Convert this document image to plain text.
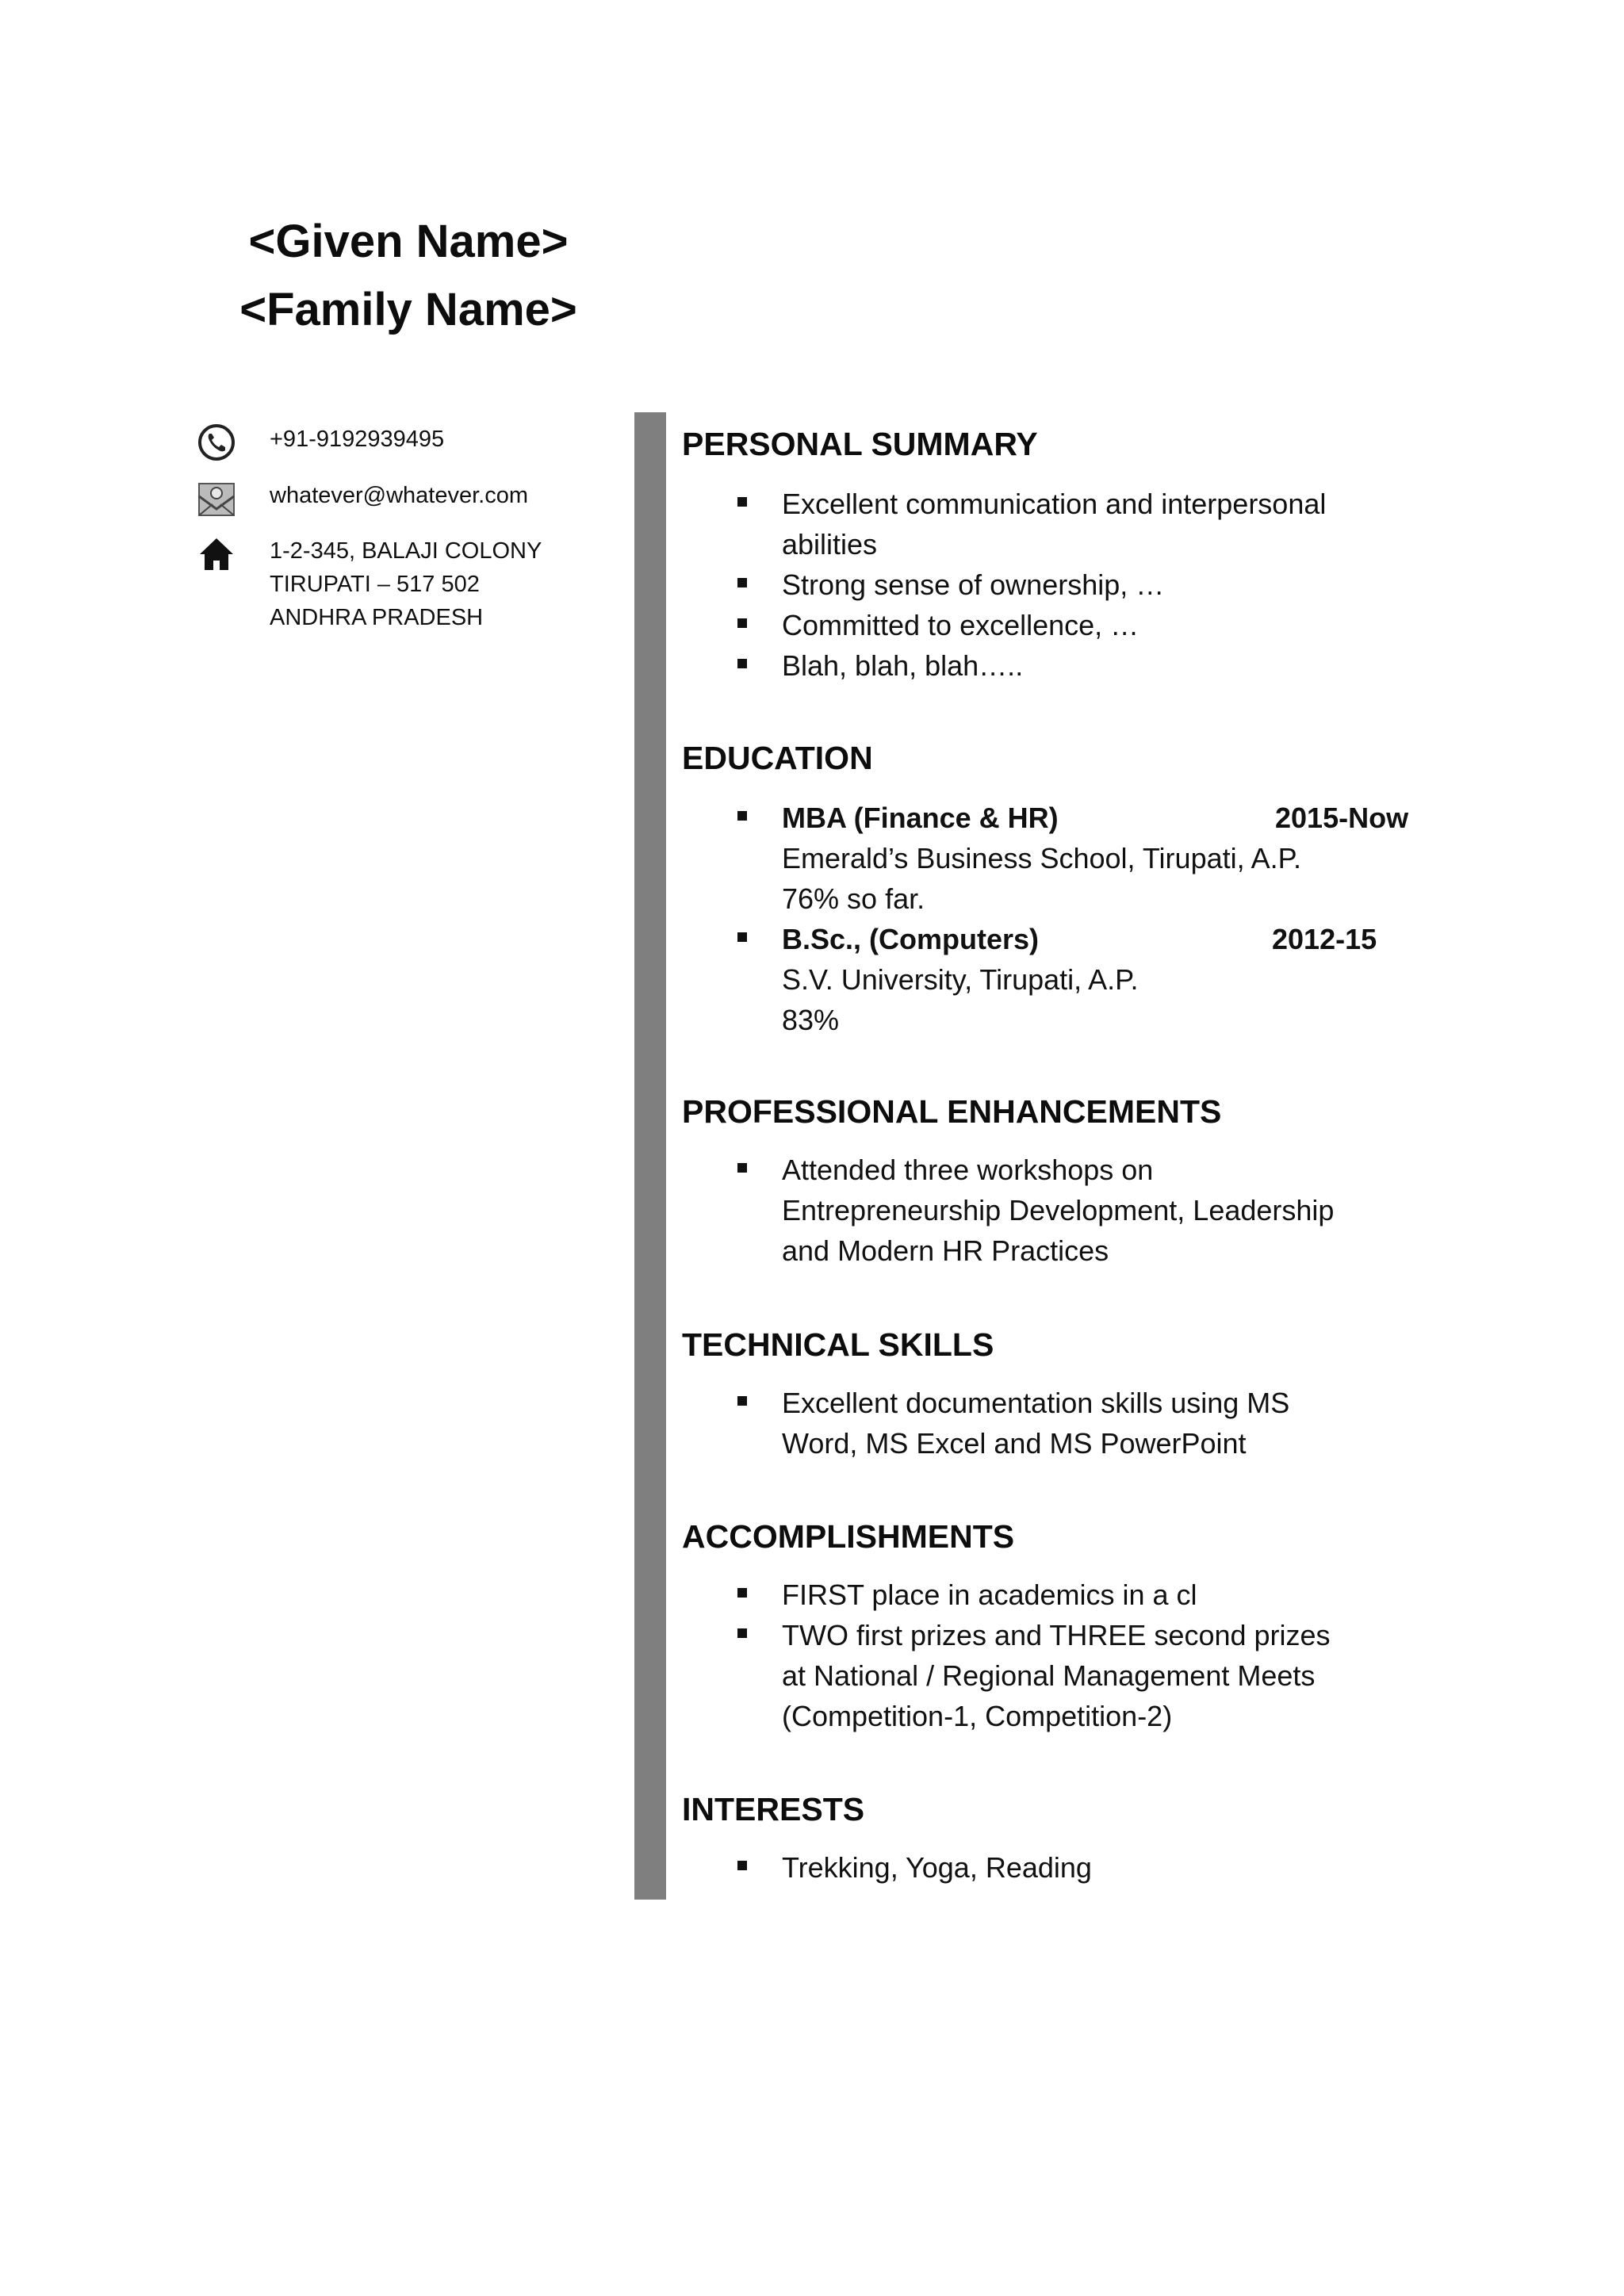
<Given Name>
<Family Name>
+91-9192939495
whatever@whatever.com
1-2-345, BALAJI COLONY
TIRUPATI – 517 502
ANDHRA PRADESH
PERSONAL SUMMARY
Excellent communication and interpersonal abilities
Strong sense of ownership, …
Committed to excellence, …
Blah, blah, blah…..
EDUCATION
MBA (Finance & HR)	2015-Now
Emerald’s Business School, Tirupati, A.P.
76% so far.
B.Sc., (Computers)	2012-15
S.V. University, Tirupati, A.P.
83%
PROFESSIONAL ENHANCEMENTS
Attended three workshops on Entrepreneurship Development, Leadership and Modern HR Practices
TECHNICAL SKILLS
Excellent documentation skills using MS Word, MS Excel and MS PowerPoint
ACCOMPLISHMENTS
FIRST place in academics in a cl
TWO first prizes and THREE second prizes at National / Regional Management Meets (Competition-1, Competition-2)
INTERESTS
Trekking, Yoga, Reading
